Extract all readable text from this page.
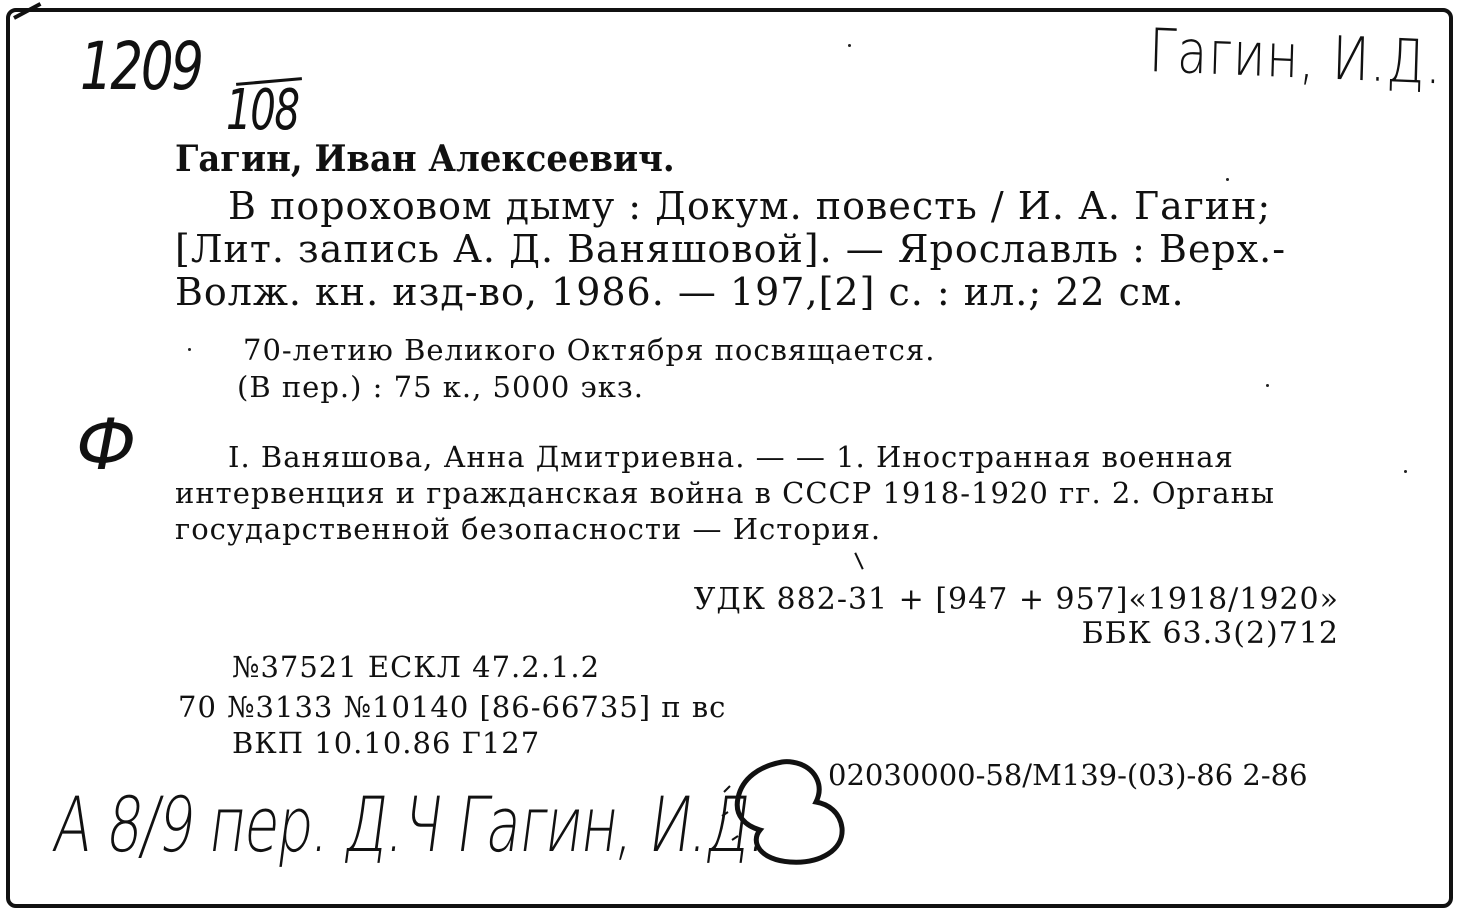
1209
108
Гагин, И.Д.
Гагин, Иван Алексеевич.
В пороховом дыму : Докум. повесть / И. А. Гагин;
[Лит. запись А. Д. Ваняшовой]. — Ярославль : Верх.-
Волж. кн. изд-во, 1986. — 197,[2] с. : ил.; 22 см.
70-летию Великого Октября посвящается.
(В пер.) : 75 к., 5000 экз.
Ф	I. Ваняшова, Анна Дмитриевна. — — 1. Иностранная военная
интервенция и гражданская война в СССР 1918-1920 гг. 2. Органы
государственной безопасности — История.
УДК 882-31 + [947 + 957]«1918/1920»
ББК 63.3(2)712
№37521 ЕСКЛ 47.2.1.2
70 №3133 №10140 [86-66735] п вс
ВКП 10.10.86 Г127
02030000-58/М139-(03)-86 2-86
А 8/9 пер. Д.Ч Гагин, И.Д.
